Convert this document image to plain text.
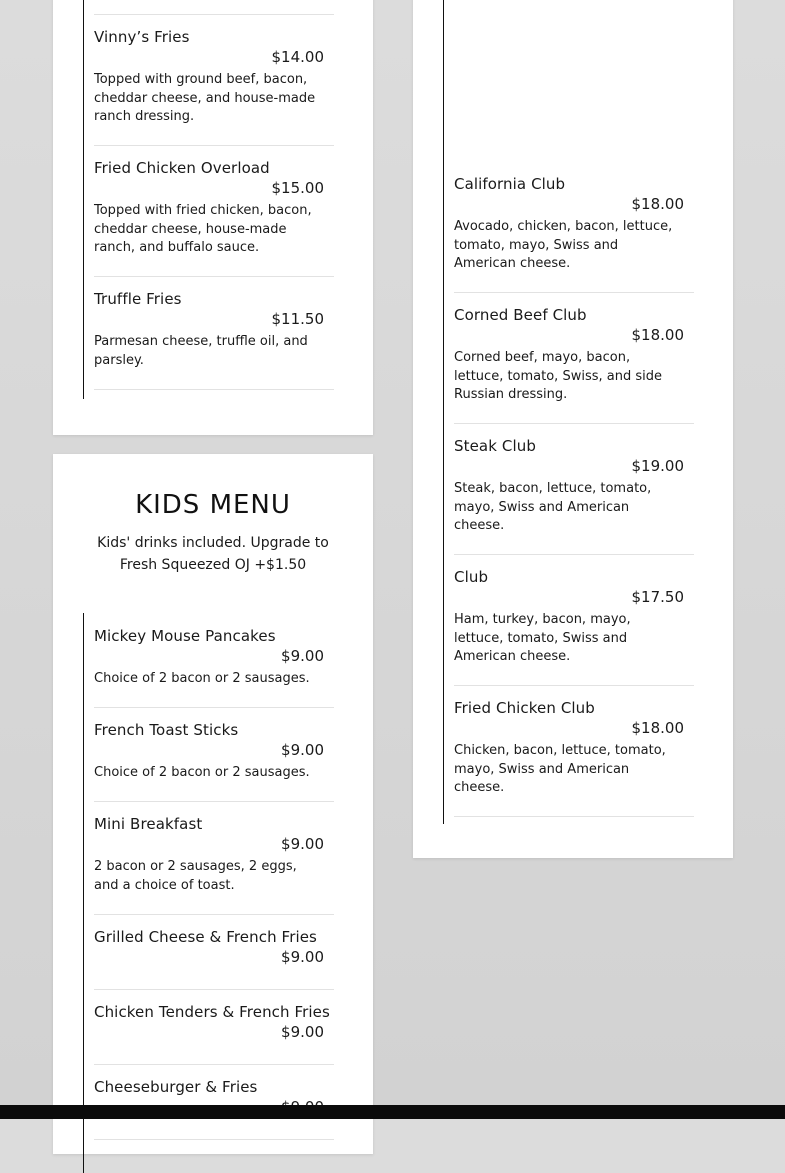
Vinny’s Fries
$14.00
Topped with ground beef, bacon, cheddar cheese, and house-made ranch dressing.
Fried Chicken Overload
$15.00
Topped with fried chicken, bacon, cheddar cheese, house-made ranch, and buffalo sauce.
Truffle Fries
$11.50
Parmesan cheese, truffle oil, and parsley.
California Club
$18.00
Avocado, chicken, bacon, lettuce, tomato, mayo, Swiss and American cheese.
Corned Beef Club
$18.00
Corned beef, mayo, bacon, lettuce, tomato, Swiss, and side Russian dressing.
Steak Club
$19.00
Steak, bacon, lettuce, tomato, mayo, Swiss and American cheese.
Club
$17.50
Ham, turkey, bacon, mayo, lettuce, tomato, Swiss and American cheese.
Fried Chicken Club
$18.00
Chicken, bacon, lettuce, tomato, mayo, Swiss and American cheese.
KIDS MENU
Kids' drinks included. Upgrade to Fresh Squeezed OJ +$1.50
Mickey Mouse Pancakes
$9.00
Choice of 2 bacon or 2 sausages.
French Toast Sticks
$9.00
Choice of 2 bacon or 2 sausages.
Mini Breakfast
$9.00
2 bacon or 2 sausages, 2 eggs, and a choice of toast.
Grilled Cheese & French Fries
$9.00
Chicken Tenders & French Fries
$9.00
Cheeseburger & Fries
